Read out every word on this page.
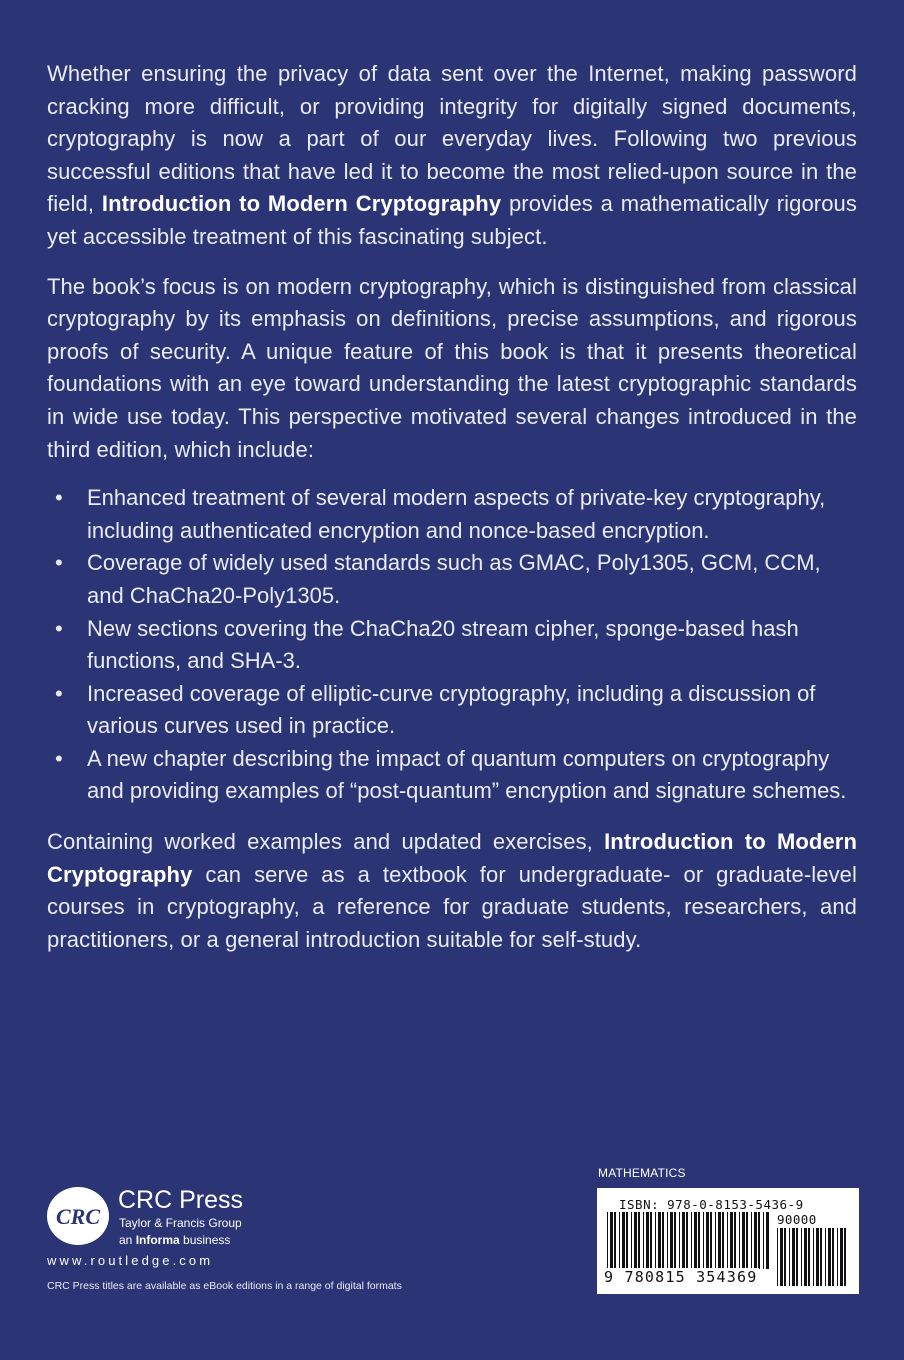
Whether ensuring the privacy of data sent over the Internet, making password cracking more difficult, or providing integrity for digitally signed documents, cryptography is now a part of our everyday lives. Following two previous successful editions that have led it to become the most relied-upon source in the field, Introduction to Modern Cryptography provides a mathematically rigorous yet accessible treatment of this fascinating subject.

The book’s focus is on modern cryptography, which is distinguished from classical cryptography by its emphasis on definitions, precise assumptions, and rigorous proofs of security. A unique feature of this book is that it presents theoretical foundations with an eye toward understanding the latest cryptographic standards in wide use today. This perspective motivated several changes introduced in the third edition, which include:

• Enhanced treatment of several modern aspects of private-key cryptography, including authenticated encryption and nonce-based encryption.
• Coverage of widely used standards such as GMAC, Poly1305, GCM, CCM, and ChaCha20-Poly1305.
• New sections covering the ChaCha20 stream cipher, sponge-based hash functions, and SHA-3.
• Increased coverage of elliptic-curve cryptography, including a discussion of various curves used in practice.
• A new chapter describing the impact of quantum computers on cryptography and providing examples of “post-quantum” encryption and signature schemes.

Containing worked examples and updated exercises, Introduction to Modern Cryptography can serve as a textbook for undergraduate- or graduate-level courses in cryptography, a reference for graduate students, researchers, and practitioners, or a general introduction suitable for self-study.

CRC
CRC Press
Taylor & Francis Group
an Informa business
www.routledge.com
CRC Press titles are available as eBook editions in a range of digital formats
MATHEMATICS
ISBN: 978-0-8153-5436-9
90000
9 780815 354369
